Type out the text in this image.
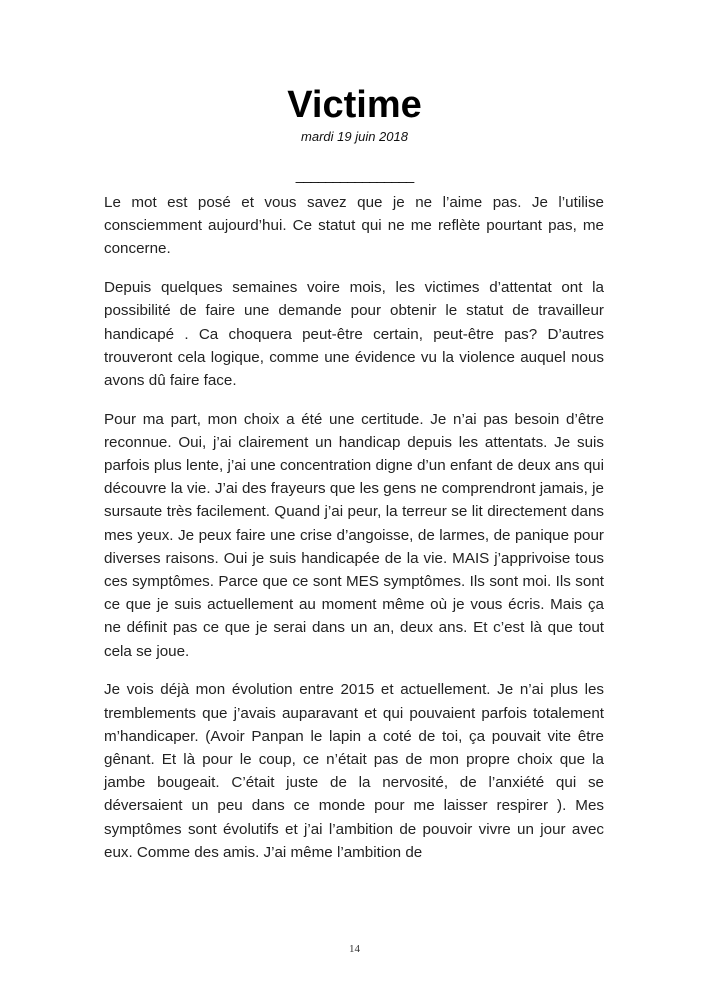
Victime
mardi 19 juin 2018
________________

Le mot est posé et vous savez que je ne l’aime pas. Je l’utilise consciemment aujourd’hui. Ce statut qui ne me reflète pourtant pas, me concerne.

Depuis quelques semaines voire mois, les victimes d’attentat ont la possibilité de faire une demande pour obtenir le statut de travailleur handicapé . Ca choquera peut-être certain, peut-être pas? D’autres trouveront cela logique, comme une évidence vu la violence auquel nous avons dû faire face.

Pour ma part, mon choix a été une certitude. Je n’ai pas besoin d’être reconnue. Oui, j’ai clairement un handicap depuis les attentats. Je suis parfois plus lente, j’ai une concentration digne d’un enfant de deux ans qui découvre la vie. J’ai des frayeurs que les gens ne comprendront jamais, je sursaute très facilement. Quand j’ai peur, la terreur se lit directement dans mes yeux. Je peux faire une crise d’angoisse, de larmes, de panique pour diverses raisons. Oui je suis handicapée de la vie. MAIS j’apprivoise tous ces symptômes. Parce que ce sont MES symptômes. Ils sont moi. Ils sont ce que je suis actuellement au moment même où je vous écris. Mais ça ne définit pas ce que je serai dans un an, deux ans. Et c’est là que tout cela se joue.

Je vois déjà mon évolution entre 2015 et actuellement. Je n’ai plus les tremblements que j’avais auparavant et qui pouvaient parfois totalement m’handicaper. (Avoir Panpan le lapin a coté de toi, ça pouvait vite être gênant. Et là pour le coup, ce n’était pas de mon propre choix que la jambe bougeait. C’était juste de la nervosité, de l’anxiété qui se déversaient un peu dans ce monde pour me laisser respirer ). Mes symptômes sont évolutifs et j’ai l’ambition de pouvoir vivre un jour avec eux. Comme des amis. J’ai même l’ambition de

14
